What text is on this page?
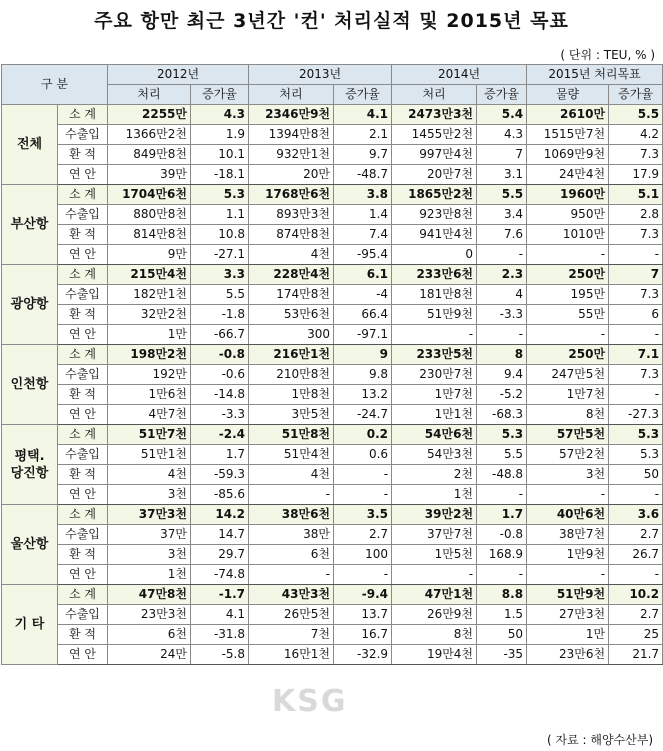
주요 항만 최근 3년간 '컨' 처리실적 및 2015년 목표
( 단위 : TEU, % )
구 분		2012년		2013년		2014년		2015년 처리목표	
		처리	증가율	처리	증가율	처리	증가율	물량	증가율
전체	소 계	2255만	4.3	2346만9천	4.1	2473만3천	5.4	2610만	5.5
	수출입	1366만2천	1.9	1394만8천	2.1	1455만2천	4.3	1515만7천	4.2
	환 적	849만8천	10.1	932만1천	9.7	997만4천	7	1069만9천	7.3
	연 안	39만	-18.1	20만	-48.7	20만7천	3.1	24만4천	17.9
부산항	소 계	1704만6천	5.3	1768만6천	3.8	1865만2천	5.5	1960만	5.1
	수출입	880만8천	1.1	893만3천	1.4	923만8천	3.4	950만	2.8
	환 적	814만8천	10.8	874만8천	7.4	941만4천	7.6	1010만	7.3
	연 안	9만	-27.1	4천	-95.4	0	-	-	-
광양항	소 계	215만4천	3.3	228만4천	6.1	233만6천	2.3	250만	7
	수출입	182만1천	5.5	174만8천	-4	181만8천	4	195만	7.3
	환 적	32만2천	-1.8	53만6천	66.4	51만9천	-3.3	55만	6
	연 안	1만	-66.7	300	-97.1	-	-	-	-
인천항	소 계	198만2천	-0.8	216만1천	9	233만5천	8	250만	7.1
	수출입	192만	-0.6	210만8천	9.8	230만7천	9.4	247만5천	7.3
	환 적	1만6천	-14.8	1만8천	13.2	1만7천	-5.2	1만7천	-
	연 안	4만7천	-3.3	3만5천	-24.7	1만1천	-68.3	8천	-27.3
평택.
당진항	소 계	51만7천	-2.4	51만8천	0.2	54만6천	5.3	57만5천	5.3
	수출입	51만1천	1.7	51만4천	0.6	54만3천	5.5	57만2천	5.3
	환 적	4천	-59.3	4천	-	2천	-48.8	3천	50
	연 안	3천	-85.6	-	-	1천	-	-	-
울산항	소 계	37만3천	14.2	38만6천	3.5	39만2천	1.7	40만6천	3.6
	수출입	37만	14.7	38만	2.7	37만7천	-0.8	38만7천	2.7
	환 적	3천	29.7	6천	100	1만5천	168.9	1만9천	26.7
	연 안	1천	-74.8	-	-	-	-	-	-
기 타	소 계	47만8천	-1.7	43만3천	-9.4	47만1천	8.8	51만9천	10.2
	수출입	23만3천	4.1	26만5천	13.7	26만9천	1.5	27만3천	2.7
	환 적	6천	-31.8	7천	16.7	8천	50	1만	25
	연 안	24만	-5.8	16만1천	-32.9	19만4천	-35	23만6천	21.7
KSG
( 자료 : 해양수산부)
